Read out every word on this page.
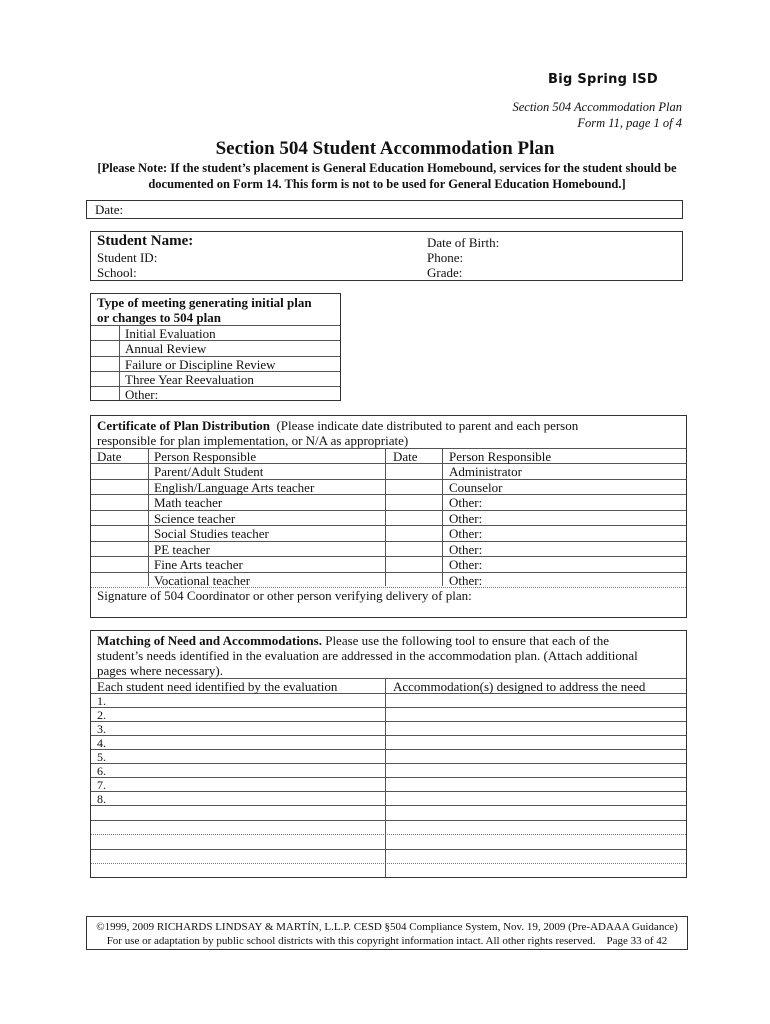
Big Spring ISD
Section 504 Accommodation Plan
Form 11, page 1 of 4
Section 504 Student Accommodation Plan
[Please Note: If the student’s placement is General Education Homebound, services for the student should be documented on Form 14. This form is not to be used for General Education Homebound.]
Date:
Student Name:
Student ID:
School:
Date of Birth:
Phone:
Grade:
Type of meeting generating initial plan
or changes to 504 plan
Initial Evaluation
Annual Review
Failure or Discipline Review
Three Year Reevaluation
Other:
Certificate of Plan Distribution (Please indicate date distributed to parent and each person
responsible for plan implementation, or N/A as appropriate)
Date Person Responsible	Date Person Responsible
Parent/Adult Student
English/Language Arts teacher
Math teacher
Science teacher
Social Studies teacher
PE teacher
Fine Arts teacher
Vocational teacher
Administrator
Counselor
Other:
Other:
Other:
Other:
Other:
Other:
Signature of 504 Coordinator or other person verifying delivery of plan:
Matching of Need and Accommodations. Please use the following tool to ensure that each of the
student’s needs identified in the evaluation are addressed in the accommodation plan. (Attach additional
pages where necessary).
Each student need identified by the evaluation	Accommodation(s) designed to address the need
1.
2.
3.
4.
5.
6.
7.
8.
©1999, 2009 RICHARDS LINDSAY & MARTÍN, L.L.P. CESD §504 Compliance System, Nov. 19, 2009 (Pre-ADAAA Guidance)
For use or adaptation by public school districts with this copyright information intact. All other rights reserved. Page 33 of 42
